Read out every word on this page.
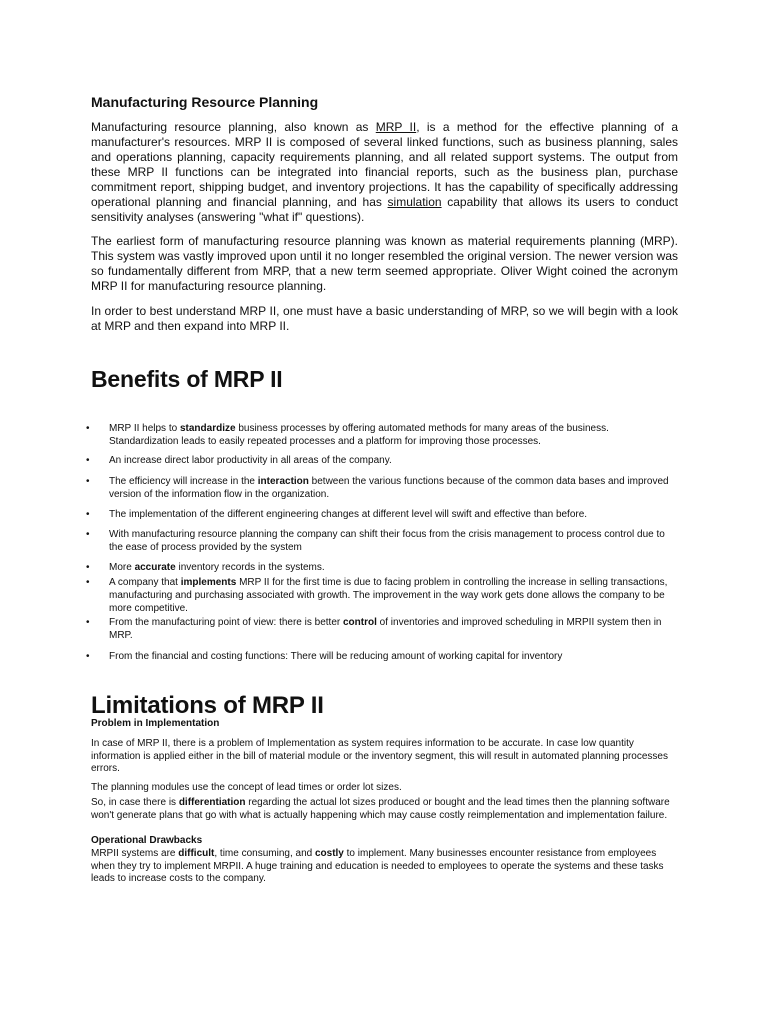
Manufacturing Resource Planning

Manufacturing resource planning, also known as MRP II, is a method for the effective planning of a manufacturer's resources. MRP II is composed of several linked functions, such as business planning, sales and operations planning, capacity requirements planning, and all related support systems. The output from these MRP II functions can be integrated into financial reports, such as the business plan, purchase commitment report, shipping budget, and inventory projections. It has the capability of specifically addressing operational planning and financial planning, and has simulation capability that allows its users to conduct sensitivity analyses (answering "what if" questions).

The earliest form of manufacturing resource planning was known as material requirements planning (MRP). This system was vastly improved upon until it no longer resembled the original version. The newer version was so fundamentally different from MRP, that a new term seemed appropriate. Oliver Wight coined the acronym MRP II for manufacturing resource planning.

In order to best understand MRP II, one must have a basic understanding of MRP, so we will begin with a look at MRP and then expand into MRP II.

Benefits of MRP II
• MRP II helps to standardize business processes by offering automated methods for many areas of the business. Standardization leads to easily repeated processes and a platform for improving those processes.
• An increase direct labor productivity in all areas of the company.
• The efficiency will increase in the interaction between the various functions because of the common data bases and improved version of the information flow in the organization.
• The implementation of the different engineering changes at different level will swift and effective than before.
• With manufacturing resource planning the company can shift their focus from the crisis management to process control due to the ease of process provided by the system
• More accurate inventory records in the systems.
• A company that implements MRP II for the first time is due to facing problem in controlling the increase in selling transactions, manufacturing and purchasing associated with growth. The improvement in the way work gets done allows the company to be more competitive.
• From the manufacturing point of view: there is better control of inventories and improved scheduling in MRPII system then in MRP.
• From the financial and costing functions: There will be reducing amount of working capital for inventory
Limitations of MRP II

Problem in Implementation

In case of MRP II, there is a problem of Implementation as system requires information to be accurate. In case low quantity information is applied either in the bill of material module or the inventory segment, this will result in automated planning processes errors.

The planning modules use the concept of lead times or order lot sizes.

So, in case there is differentiation regarding the actual lot sizes produced or bought and the lead times then the planning software won't generate plans that go with what is actually happening which may cause costly reimplementation and implementation failure.

Operational Drawbacks

MRPII systems are difficult, time consuming, and costly to implement. Many businesses encounter resistance from employees when they try to implement MRPII. A huge training and education is needed to employees to operate the systems and these tasks leads to increase costs to the company.
